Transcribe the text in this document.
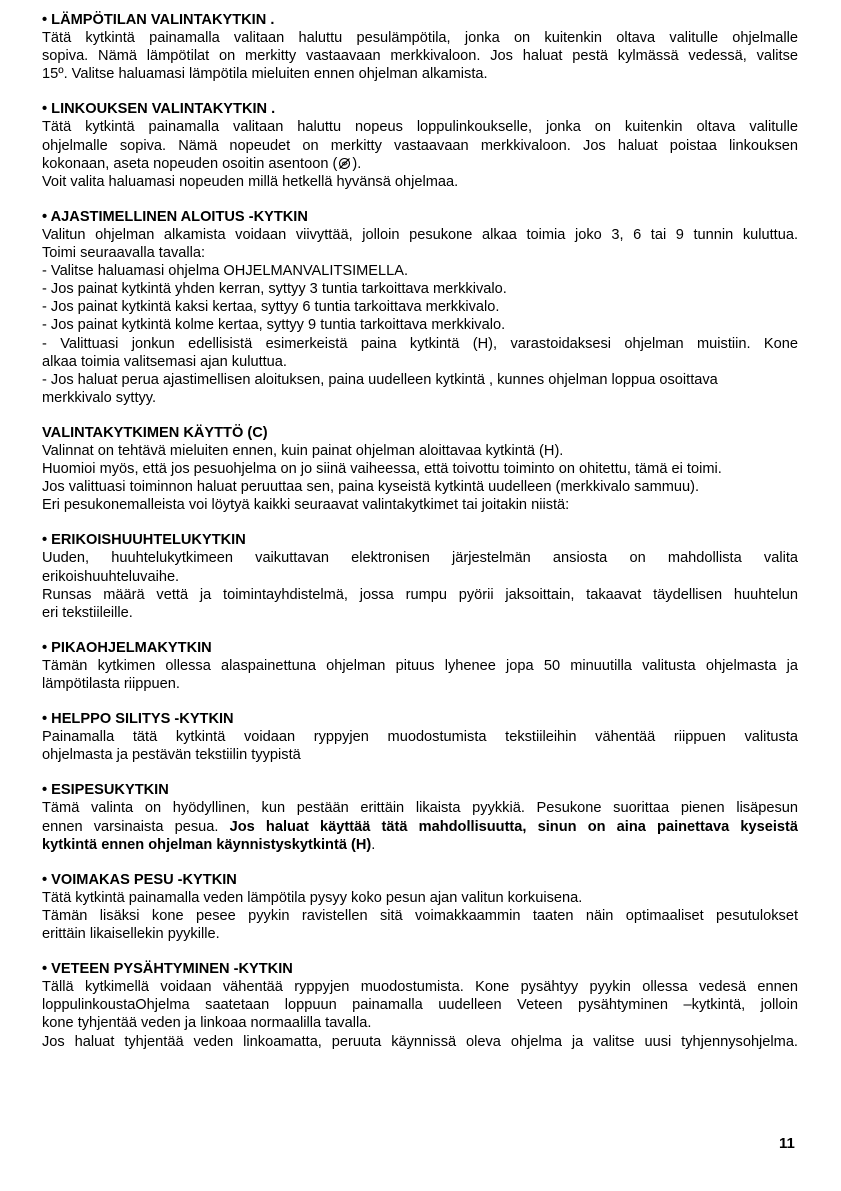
• LÄMPÖTILAN VALINTAKYTKIN .

Tätä kytkintä painamalla valitaan haluttu pesulämpötila, jonka on kuitenkin oltava valitulle ohjelmalle

sopiva. Nämä lämpötilat on merkitty vastaavaan merkkivaloon. Jos haluat pestä kylmässä vedessä, valitse

15º. Valitse haluamasi lämpötila mieluiten ennen ohjelman alkamista.

• LINKOUKSEN VALINTAKYTKIN .

Tätä kytkintä painamalla valitaan haluttu nopeus loppulinkoukselle, jonka on kuitenkin oltava valitulle

ohjelmalle sopiva. Nämä nopeudet on merkitty vastaavaan merkkivaloon. Jos haluat poistaa linkouksen

kokonaan, aseta nopeuden osoitin asentoon ( ).

Voit valita haluamasi nopeuden millä hetkellä hyvänsä ohjelmaa.

• AJASTIMELLINEN ALOITUS -KYTKIN

Valitun ohjelman alkamista voidaan viivyttää, jolloin pesukone alkaa toimia joko 3, 6 tai 9 tunnin kuluttua.

Toimi seuraavalla tavalla:

- Valitse haluamasi ohjelma OHJELMANVALITSIMELLA.

- Jos painat kytkintä yhden kerran, syttyy 3 tuntia tarkoittava merkkivalo.

- Jos painat kytkintä kaksi kertaa, syttyy 6 tuntia tarkoittava merkkivalo.

- Jos painat kytkintä kolme kertaa, syttyy 9 tuntia tarkoittava merkkivalo.

- Valittuasi jonkun edellisistä esimerkeistä paina kytkintä (H), varastoidaksesi ohjelman muistiin. Kone

alkaa toimia valitsemasi ajan kuluttua.

- Jos haluat perua ajastimellisen aloituksen, paina uudelleen kytkintä , kunnes ohjelman loppua osoittava

merkkivalo syttyy.

VALINTAKYTKIMEN KÄYTTÖ (C)

Valinnat on tehtävä mieluiten ennen, kuin painat ohjelman aloittavaa kytkintä (H).

Huomioi myös, että jos pesuohjelma on jo siinä vaiheessa, että toivottu toiminto on ohitettu, tämä ei toimi.

Jos valittuasi toiminnon haluat peruuttaa sen, paina kyseistä kytkintä uudelleen (merkkivalo sammuu).

Eri pesukonemalleista voi löytyä kaikki seuraavat valintakytkimet tai joitakin niistä:

• ERIKOISHUUHTELUKYTKIN

Uuden, huuhtelukytkimeen vaikuttavan elektronisen järjestelmän ansiosta on mahdollista valita

erikoishuuhteluvaihe.

Runsas määrä vettä ja toimintayhdistelmä, jossa rumpu pyörii jaksoittain, takaavat täydellisen huuhtelun

eri tekstiileille.

• PIKAOHJELMAKYTKIN

Tämän kytkimen ollessa alaspainettuna ohjelman pituus lyhenee jopa 50 minuutilla valitusta ohjelmasta ja

lämpötilasta riippuen.

• HELPPO SILITYS -KYTKIN

Painamalla tätä kytkintä voidaan ryppyjen muodostumista tekstiileihin vähentää riippuen valitusta

ohjelmasta ja pestävän tekstiilin tyypistä

• ESIPESUKYTKIN

Tämä valinta on hyödyllinen, kun pestään erittäin likaista pyykkiä. Pesukone suorittaa pienen lisäpesun

ennen varsinaista pesua. Jos haluat käyttää tätä mahdollisuutta, sinun on aina painettava kyseistä

kytkintä ennen ohjelman käynnistyskytkintä (H).

• VOIMAKAS PESU -KYTKIN

Tätä kytkintä painamalla veden lämpötila pysyy koko pesun ajan valitun korkuisena.

Tämän lisäksi kone pesee pyykin ravistellen sitä voimakkaammin taaten näin optimaaliset pesutulokset

erittäin likaisellekin pyykille.

• VETEEN PYSÄHTYMINEN -KYTKIN

Tällä kytkimellä voidaan vähentää ryppyjen muodostumista. Kone pysähtyy pyykin ollessa vedesä ennen

loppulinkoustaOhjelma saatetaan loppuun painamalla uudelleen Veteen pysähtyminen –kytkintä, jolloin

kone tyhjentää veden ja linkoaa normaalilla tavalla.

Jos haluat tyhjentää veden linkoamatta, peruuta käynnissä oleva ohjelma ja valitse uusi tyhjennysohjelma.

11
